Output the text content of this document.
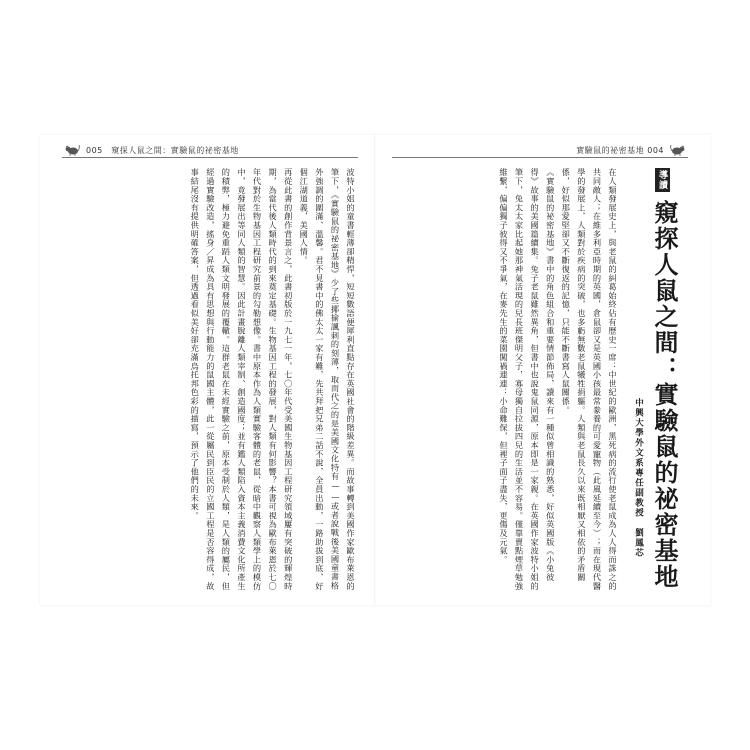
005　窺探人鼠之間：實驗鼠的祕密基地	實驗鼠的祕密基地 004
導讀
窺探人鼠之間：實驗鼠的祕密基地
中興大學外文系專任副教授　劉鳳芯
在人類發展史上，與老鼠的糾葛始終佔有歷史一席：中世紀的歐洲，黑死病的流行使老鼠成為人人得而誅之的共同敵人；在維多利亞時期的英國，倉鼠卻又是英國小孩最常豢養的可愛寵物（此風延續至今）；而在現代醫學的發展上，人類對於疾病的突破，也多虧無數老鼠犧牲捐軀。人類與老鼠長久以來既相厭又相依的矛盾關係，好似那愛堅卻又不斷復返的記憶，只能不斷書寫人鼠關係。
《實驗鼠的祕密基地》書中的角色組合和重要情節佈局，讀來有一種似曾相識的熟悉，好似英國版《小兔彼得》故事的美國篇續集。兔子老鼠雖然異角，但書中也說鬼鼠同源，原本即是一家親。在英國作家波特小姐的筆下，兔太太家比起她那神氣活現的兒長班傑明父子，寡母獨自拉拔四兒的生活並不容易。僅靠賣點煙草勉強維繫，偏偏獨子彼得又不爭氣，在麥先生的菜園闖禍連連：小命難保，但裡子面子盡失，更傷及元氣。
波特小姐的童書輕薄卻精悍，短短數語便犀利直點存在英國社會的階級差異。而故事轉到美國作家歐布萊恩的筆下，《實驗鼠的祕密基地》少了些揶揄諷刺的刻薄，取而代之的是美國文化特有——或者說戰後美國童書格外強調的圍滿、溫馨。君不見書中的佛太太一家有難，先共拜把兄弟二話不說，全員出動，一路助拔到底，好個江湖道義，美國人情。
再從此書的創作背景言之，此書初版於一九七一年，七〇年代受美國生物基因工程研究領域屢有突破的輝煌時期，為當代後人類時代的到來奠定基礎。生物基因工程的發展，對人類有何影響？本書可視為歐布萊恩於七〇年代對於生物基因工程研究前景的勾勒想像。書中原本作為人類實驗客體的老鼠，從暗中觀察人類學上的模仿中，竟發展出等同人類的智慧。因此計畫脫離人類宰制、創造國度；並有鑑人類陷入資本主義消費文化所產生的積弊，極力避免重蹈人類文明發展的覆轍。這群老鼠在未經實驗之前，原本受制於人類，是人類的屬民，但經過實驗改造，搖身／昇成為具有思想與行動能力的鼠國主體，此一從屬民到臣民的立國工程是否容得成，故事結尾沒有提供明確答案，但透過看似美好卻充滿烏托邦色彩的描寫，預示了他們的未來。
